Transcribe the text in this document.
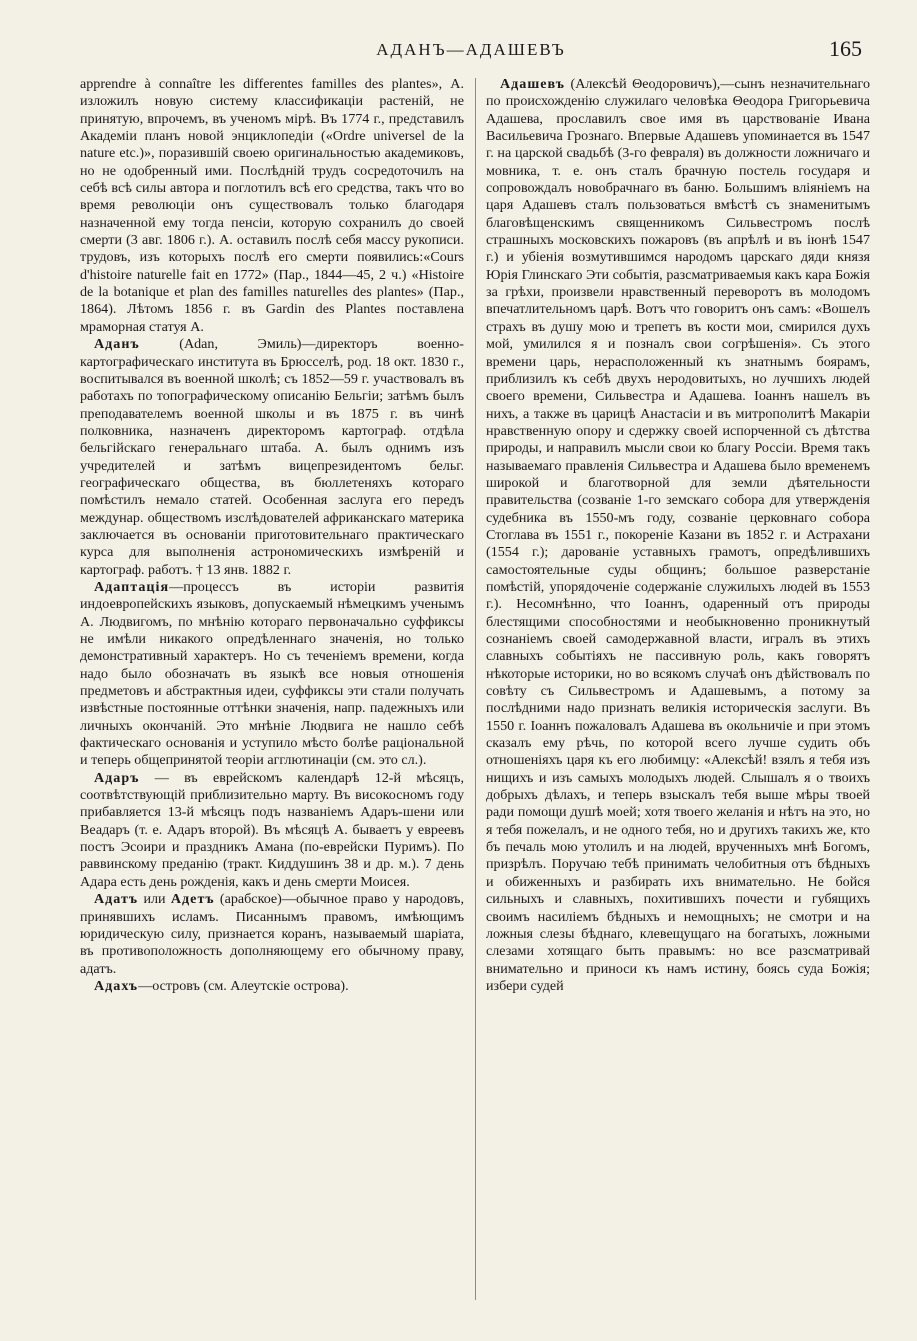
АДАНЪ—АДАШЕВЪ	165

apprendre à connaître les differentes familles des plantes», А. изложилъ новую систему классификаціи растеній, не принятую, впрочемъ, въ ученомъ мірѣ. Въ 1774 г., представилъ Академіи планъ новой энциклопедіи («Ordre universel de la nature etc.)», поразившій своею оригинальностью академиковъ, но не одобренный ими. Послѣдній трудъ сосредоточилъ на себѣ всѣ силы автора и поглотилъ всѣ его средства, такъ что во время революціи онъ существовалъ только благодаря назначенной ему тогда пенсіи, которую сохранилъ до своей смерти (3 авг. 1806 г.). А. оставилъ послѣ себя массу рукописи. трудовъ, изъ которыхъ послѣ его смерти появились:«Cours d'histoire naturelle fait en 1772» (Пар., 1844—45, 2 ч.) «Histoire de la botanique et plan des familles naturelles des plantes» (Пар., 1864). Лѣтомъ 1856 г. въ Gardin des Plantes поставлена мраморная статуя А.

Аданъ (Adan, Эмиль)—директоръ военно-картографическаго института въ Брюсселѣ, род. 18 окт. 1830 г., воспитывался въ военной школѣ; съ 1852—59 г. участвовалъ въ работахъ по топографическому описанію Бельгіи; затѣмъ былъ преподавателемъ военной школы и въ 1875 г. въ чинѣ полковника, назначенъ директоромъ картограф. отдѣла бельгійскаго генеральнаго штаба. А. былъ однимъ изъ учредителей и затѣмъ вицепрезидентомъ бельг. географическаго общества, въ бюллетеняхъ котораго помѣстилъ немало статей. Особенная заслуга его передъ междунар. обществомъ изслѣдователей африканскаго материка заключается въ основаніи приготовительнаго практическаго курса для выполненія астрономическихъ измѣреній и картограф. работъ. † 13 янв. 1882 г.

Адаптація—процессъ въ исторіи развитія индоевропейскихъ языковъ, допускаемый нѣмецкимъ ученымъ А. Людвигомъ, по мнѣнію котораго первоначально суффиксы не имѣли никакого опредѣленнаго значенія, но только демонстративный характеръ. Но съ теченіемъ времени, когда надо было обозначать въ языкѣ все новыя отношенія предметовъ и абстрактныя идеи, суффиксы эти стали получать извѣстные постоянные оттѣнки значенія, напр. падежныхъ или личныхъ окончаній. Это мнѣніе Людвига не нашло себѣ фактическаго основанія и уступило мѣсто болѣе раціональной и теперь общепринятой теоріи агглютинаціи (см. это сл.).

Адаръ — въ еврейскомъ календарѣ 12-й мѣсяцъ, соотвѣтствующій приблизительно марту. Въ високосномъ году прибавляется 13-й мѣсяцъ подъ названіемъ Адаръ-шени или Веадаръ (т. е. Адаръ второй). Въ мѣсяцѣ А. бываетъ у евреевъ постъ Эсоири и праздникъ Амана (по-еврейски Пуримъ). По раввинскому преданію (тракт. Киддушинъ 38 и др. м.). 7 день Адара есть день рожденія, какъ и день смерти Моисея.

Адатъ или Адетъ (арабское)—обычное право у народовъ, принявшихъ исламъ. Писаннымъ правомъ, имѣющимъ юридическую силу, признается коранъ, называемый шаріата, въ противоположность дополняющему его обычному праву, адатъ.

Адахъ—островъ (см. Алеутскіе острова).

Адашевъ (Алексѣй Θеодоровичъ),—сынъ незначительнаго по происхожденію служилаго человѣка Θеодора Григорьевича Адашева, прославилъ свое имя въ царствованіе Ивана Васильевича Грознаго. Впервые Адашевъ упоминается въ 1547 г. на царской свадьбѣ (3-го февраля) въ должности ложничаго и мовника, т. е. онъ сталъ брачную постель государя и сопровождалъ новобрачнаго въ баню. Большимъ вліяніемъ на царя Адашевъ сталъ пользоваться вмѣстѣ съ знаменитымъ благовѣщенскимъ священникомъ Сильвестромъ послѣ страшныхъ московскихъ пожаровъ (въ апрѣлѣ и въ іюнѣ 1547 г.) и убіенія возмутившимся народомъ царскаго дяди князя Юрія Глинскаго Эти событія, разсматриваемыя какъ кара Божія за грѣхи, произвели нравственный переворотъ въ молодомъ впечатлительномъ царѣ. Вотъ что говоритъ онъ самъ: «Вошелъ страхъ въ душу мою и трепетъ въ кости мои, смирился духъ мой, умилился я и позналъ свои согрѣшенія». Съ этого времени царь, нерасположенный къ знатнымъ боярамъ, приблизилъ къ себѣ двухъ неродовитыхъ, но лучшихъ людей своего времени, Сильвестра и Адашева. Іоаннъ нашелъ въ нихъ, а также въ царицѣ Анастасіи и въ митрополитѣ Макаріи нравственную опору и сдержку своей испорченной съ дѣтства природы, и направилъ мысли свои ко благу Россіи. Время такъ называемаго правленія Сильвестра и Адашева было временемъ широкой и благотворной для земли дѣятельности правительства (созваніе 1-го земскаго собора для утвержденія судебника въ 1550-мъ году, созваніе церковнаго собора Стоглава въ 1551 г., покореніе Казани въ 1852 г. и Астрахани (1554 г.); дарованіе уставныхъ грамотъ, опредѣлившихъ самостоятельные суды общинъ; большое разверстаніе помѣстій, упорядоченіе содержаніе служилыхъ людей въ 1553 г.). Несомнѣнно, что Іоаннъ, одаренный отъ природы блестящими способностями и необыкновенно проникнутый сознаніемъ своей самодержавной власти, игралъ въ этихъ славныхъ событіяхъ не пассивную роль, какъ говорятъ нѣкоторые историки, но во всякомъ случаѣ онъ дѣйствовалъ по совѣту съ Сильвестромъ и Адашевымъ, а потому за послѣдними надо признать великія историческія заслуги. Въ 1550 г. Іоаннъ пожаловалъ Адашева въ окольничіе и при этомъ сказалъ ему рѣчь, по которой всего лучше судить объ отношеніяхъ царя къ его любимцу: «Алексѣй! взялъ я тебя изъ нищихъ и изъ самыхъ молодыхъ людей. Слышалъ я о твоихъ добрыхъ дѣлахъ, и теперь взыскалъ тебя выше мѣры твоей ради помощи душѣ моей; хотя твоего желанія и нѣтъ на это, но я тебя пожелалъ, и не одного тебя, но и другихъ такихъ же, кто бъ печаль мою утолилъ и на людей, врученныхъ мнѣ Богомъ, призрѣлъ. Поручаю тебѣ принимать челобитныя отъ бѣдныхъ и обиженныхъ и разбирать ихъ внимательно. Не бойся сильныхъ и славныхъ, похитившихъ почести и губящихъ своимъ насиліемъ бѣдныхъ и немощныхъ; не смотри и на ложныя слезы бѣднаго, клевещущаго на богатыхъ, ложными слезами хотящаго быть правымъ: но все разсматривай внимательно и приноси къ намъ истину, боясь суда Божія; избери судей
